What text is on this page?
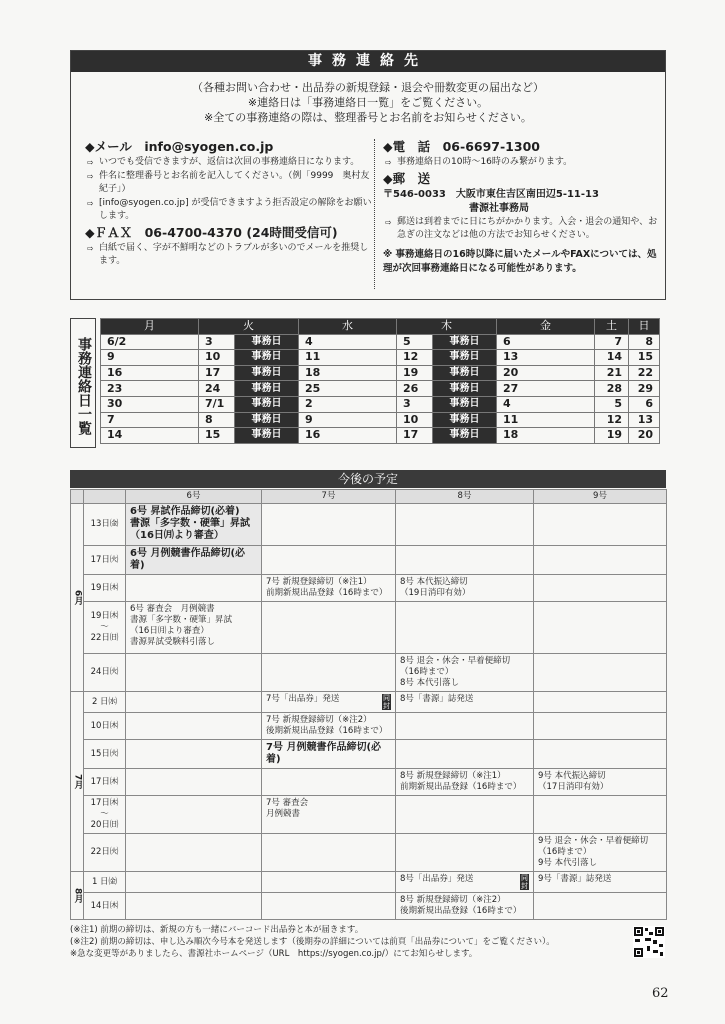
事務連絡先
（各種お問い合わせ・出品券の新規登録・退会や冊数変更の届出など）
※連絡日は「事務連絡日一覧」をご覧ください。
※全ての事務連絡の際は、整理番号とお名前をお知らせください。
◆メール　info@syogen.co.jp
⇨ いつでも受信できますが、返信は次回の事務連絡日になります。
⇨ 件名に整理番号とお名前を記入してください。（例「9999　奥村友紀子」）
⇨ [info@syogen.co.jp] が受信できますよう拒否設定の解除をお願いします。
◆ＦＡＸ　06-4700-4370 (24時間受信可)
⇨ 白紙で届く、字が不鮮明などのトラブルが多いのでメールを推奨します。
◆電　話　06-6697-1300
⇨ 事務連絡日の10時～16時のみ繋がります。
◆郵　送
〒546-0033　大阪市東住吉区南田辺5-11-13
書源社事務局
⇨ 郵送は到着までに日にちがかかります。入会・退会の通知や、お急ぎの注文などは他の方法でお知らせください。
※ 事務連絡日の16時以降に届いたメールやFAXについては、処理が次回事務連絡日になる可能性があります。
事務連絡日一覧
月	火		水	木		金	土	日
6/2	3	事務日	4	5	事務日	6	7	8
9	10	事務日	11	12	事務日	13	14	15
16	17	事務日	18	19	事務日	20	21	22
23	24	事務日	25	26	事務日	27	28	29
30	7/1	事務日	2	3	事務日	4	5	6
7	8	事務日	9	10	事務日	11	12	13
14	15	事務日	16	17	事務日	18	19	20
今後の予定
		6号	7号	8号	9号
6月	13日㈮	6号 昇試作品締切(必着)
書源「多字数・硬筆」昇試
（16日㈪より審査）			
	17日㈫	6号 月例競書作品締切(必着)			
	19日㈭		7号 新規登録締切（※注1）
前期新規出品登録（16時まで）	8号 本代振込締切
（19日消印有効）	
	19日㈭
～
22日㈰	6号 審査会　月例競書
書源「多字数・硬筆」昇試
（16日㈪より審査）
書源昇試受験料引落し			
	24日㈫			8号 退会・休会・早着便締切
（16時まで）
8号 本代引落し	
7月	2 日㈬		7号「出品券」発送 同封	8号「書源」誌発送	
	10日㈭		7号 新規登録締切（※注2）
後期新規出品登録（16時まで）		
	15日㈫		7号 月例競書作品締切(必着)		
	17日㈭			8号 新規登録締切（※注1）
前期新規出品登録（16時まで）	9号 本代振込締切
（17日消印有効）
	17日㈭
～
20日㈰		7号 審査会
月例競書		
	22日㈫				9号 退会・休会・早着便締切
（16時まで）
9号 本代引落し
8月	1 日㈮			8号「出品券」発送 同封	9号「書源」誌発送
	14日㈭			8号 新規登録締切（※注2）
後期新規出品登録（16時まで）	
(※注1) 前期の締切は、新規の方も一緒にバーコード出品券と本が届きます。
(※注2) 前期の締切は、申し込み順次今号本を発送します（後期券の詳細については前頁「出品券について」をご覧ください）。
※急な変更等がありましたら、書源社ホームページ（URL　https://syogen.co.jp/）にてお知らせします。
62
